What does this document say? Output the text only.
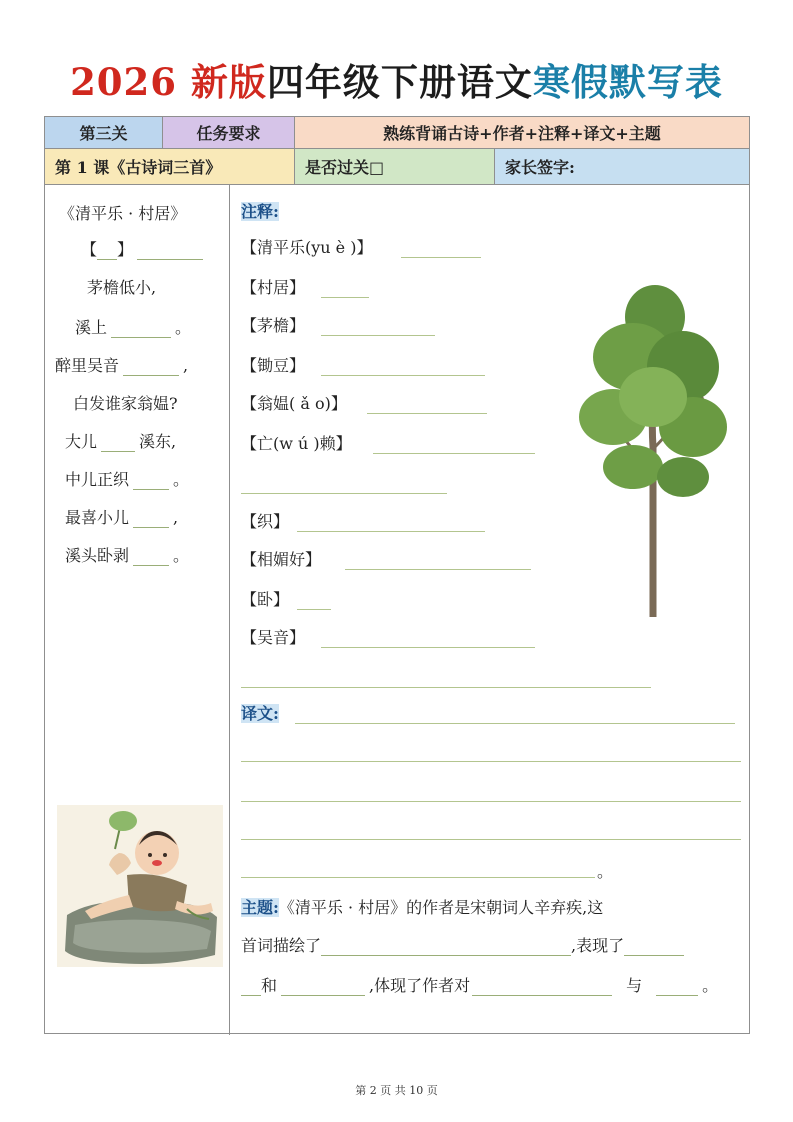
2026 新版四年级下册语文寒假默写表
第三关	任务要求	熟练背诵古诗+作者+注释+译文+主题
第 1 课《古诗词三首》	是否过关□	家长签字:
《清平乐 · 村居》
【 】
茅檐低小,
溪上	。
醉里吴音	,
白发谁家翁媪?
大儿	溪东,
中儿正织	。
最喜小儿	,
溪头卧剥	。
注释:
【清平乐(yu è )】
【村居】
【茅檐】
【锄豆】
【翁媪( ǎ o)】
【亡(w ú )赖】
【织】
【相媚好】
【卧】
【吴音】
译文:
。
主题:《清平乐 · 村居》的作者是宋朝词人辛弃疾,这
首词描绘了	,表现了
和	,体现了作者对	与	。
第 2 页 共 10 页
